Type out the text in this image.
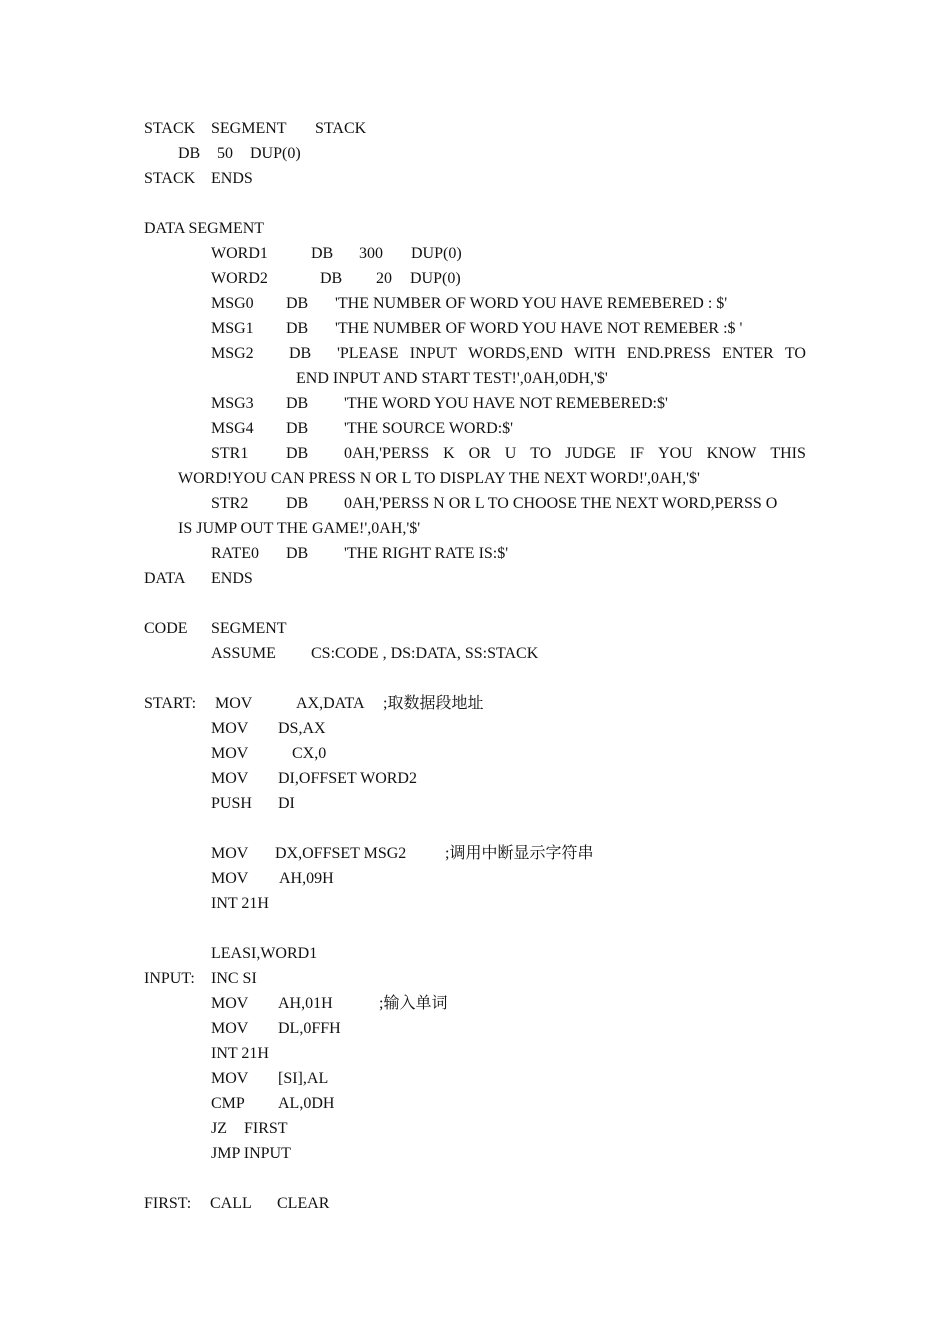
STACK SEGMENT STACK
DB 50 DUP(0)
STACK ENDS
DATA SEGMENT
WORD1	DB 300 DUP(0)
WORD2	DB 20 DUP(0)
MSG0 DB 'THE NUMBER OF WORD YOU HAVE REMEBERED : $'
MSG1 DB 'THE NUMBER OF WORD YOU HAVE NOT REMEBER :$ '
MSG2 DB 'PLEASE INPUT WORDS,END WITH END.PRESS ENTER TO
END INPUT AND START TEST!',0AH,0DH,'$'
MSG3 DB 'THE WORD YOU HAVE NOT REMEBERED:$'
MSG4 DB 'THE SOURCE WORD:$'
STR1 DB 0AH,'PERSS K OR U TO JUDGE IF YOU KNOW THIS
WORD!YOU CAN PRESS N OR L TO DISPLAY THE NEXT WORD!',0AH,'$'
STR2 DB 0AH,'PERSS N OR L TO CHOOSE THE NEXT WORD,PERSS O
IS JUMP OUT THE GAME!',0AH,'$'
RATE0 DB 'THE RIGHT RATE IS:$'
DATA ENDS
CODE SEGMENT
ASSUME CS:CODE , DS:DATA, SS:STACK
START: MOV	AX,DATA ;取数据段地址
MOV DS,AX
MOV	CX,0
MOV DI,OFFSET WORD2
PUSH DI
MOV DX,OFFSET MSG2 ;调用中断显示字符串
MOV AH,09H
INT 21H
LEASI,WORD1
INPUT: INC SI
MOV AH,01H	;输入单词
MOV DL,0FFH
INT 21H
MOV [SI],AL
CMP AL,0DH
JZ FIRST
JMP INPUT
FIRST: CALL CLEAR
